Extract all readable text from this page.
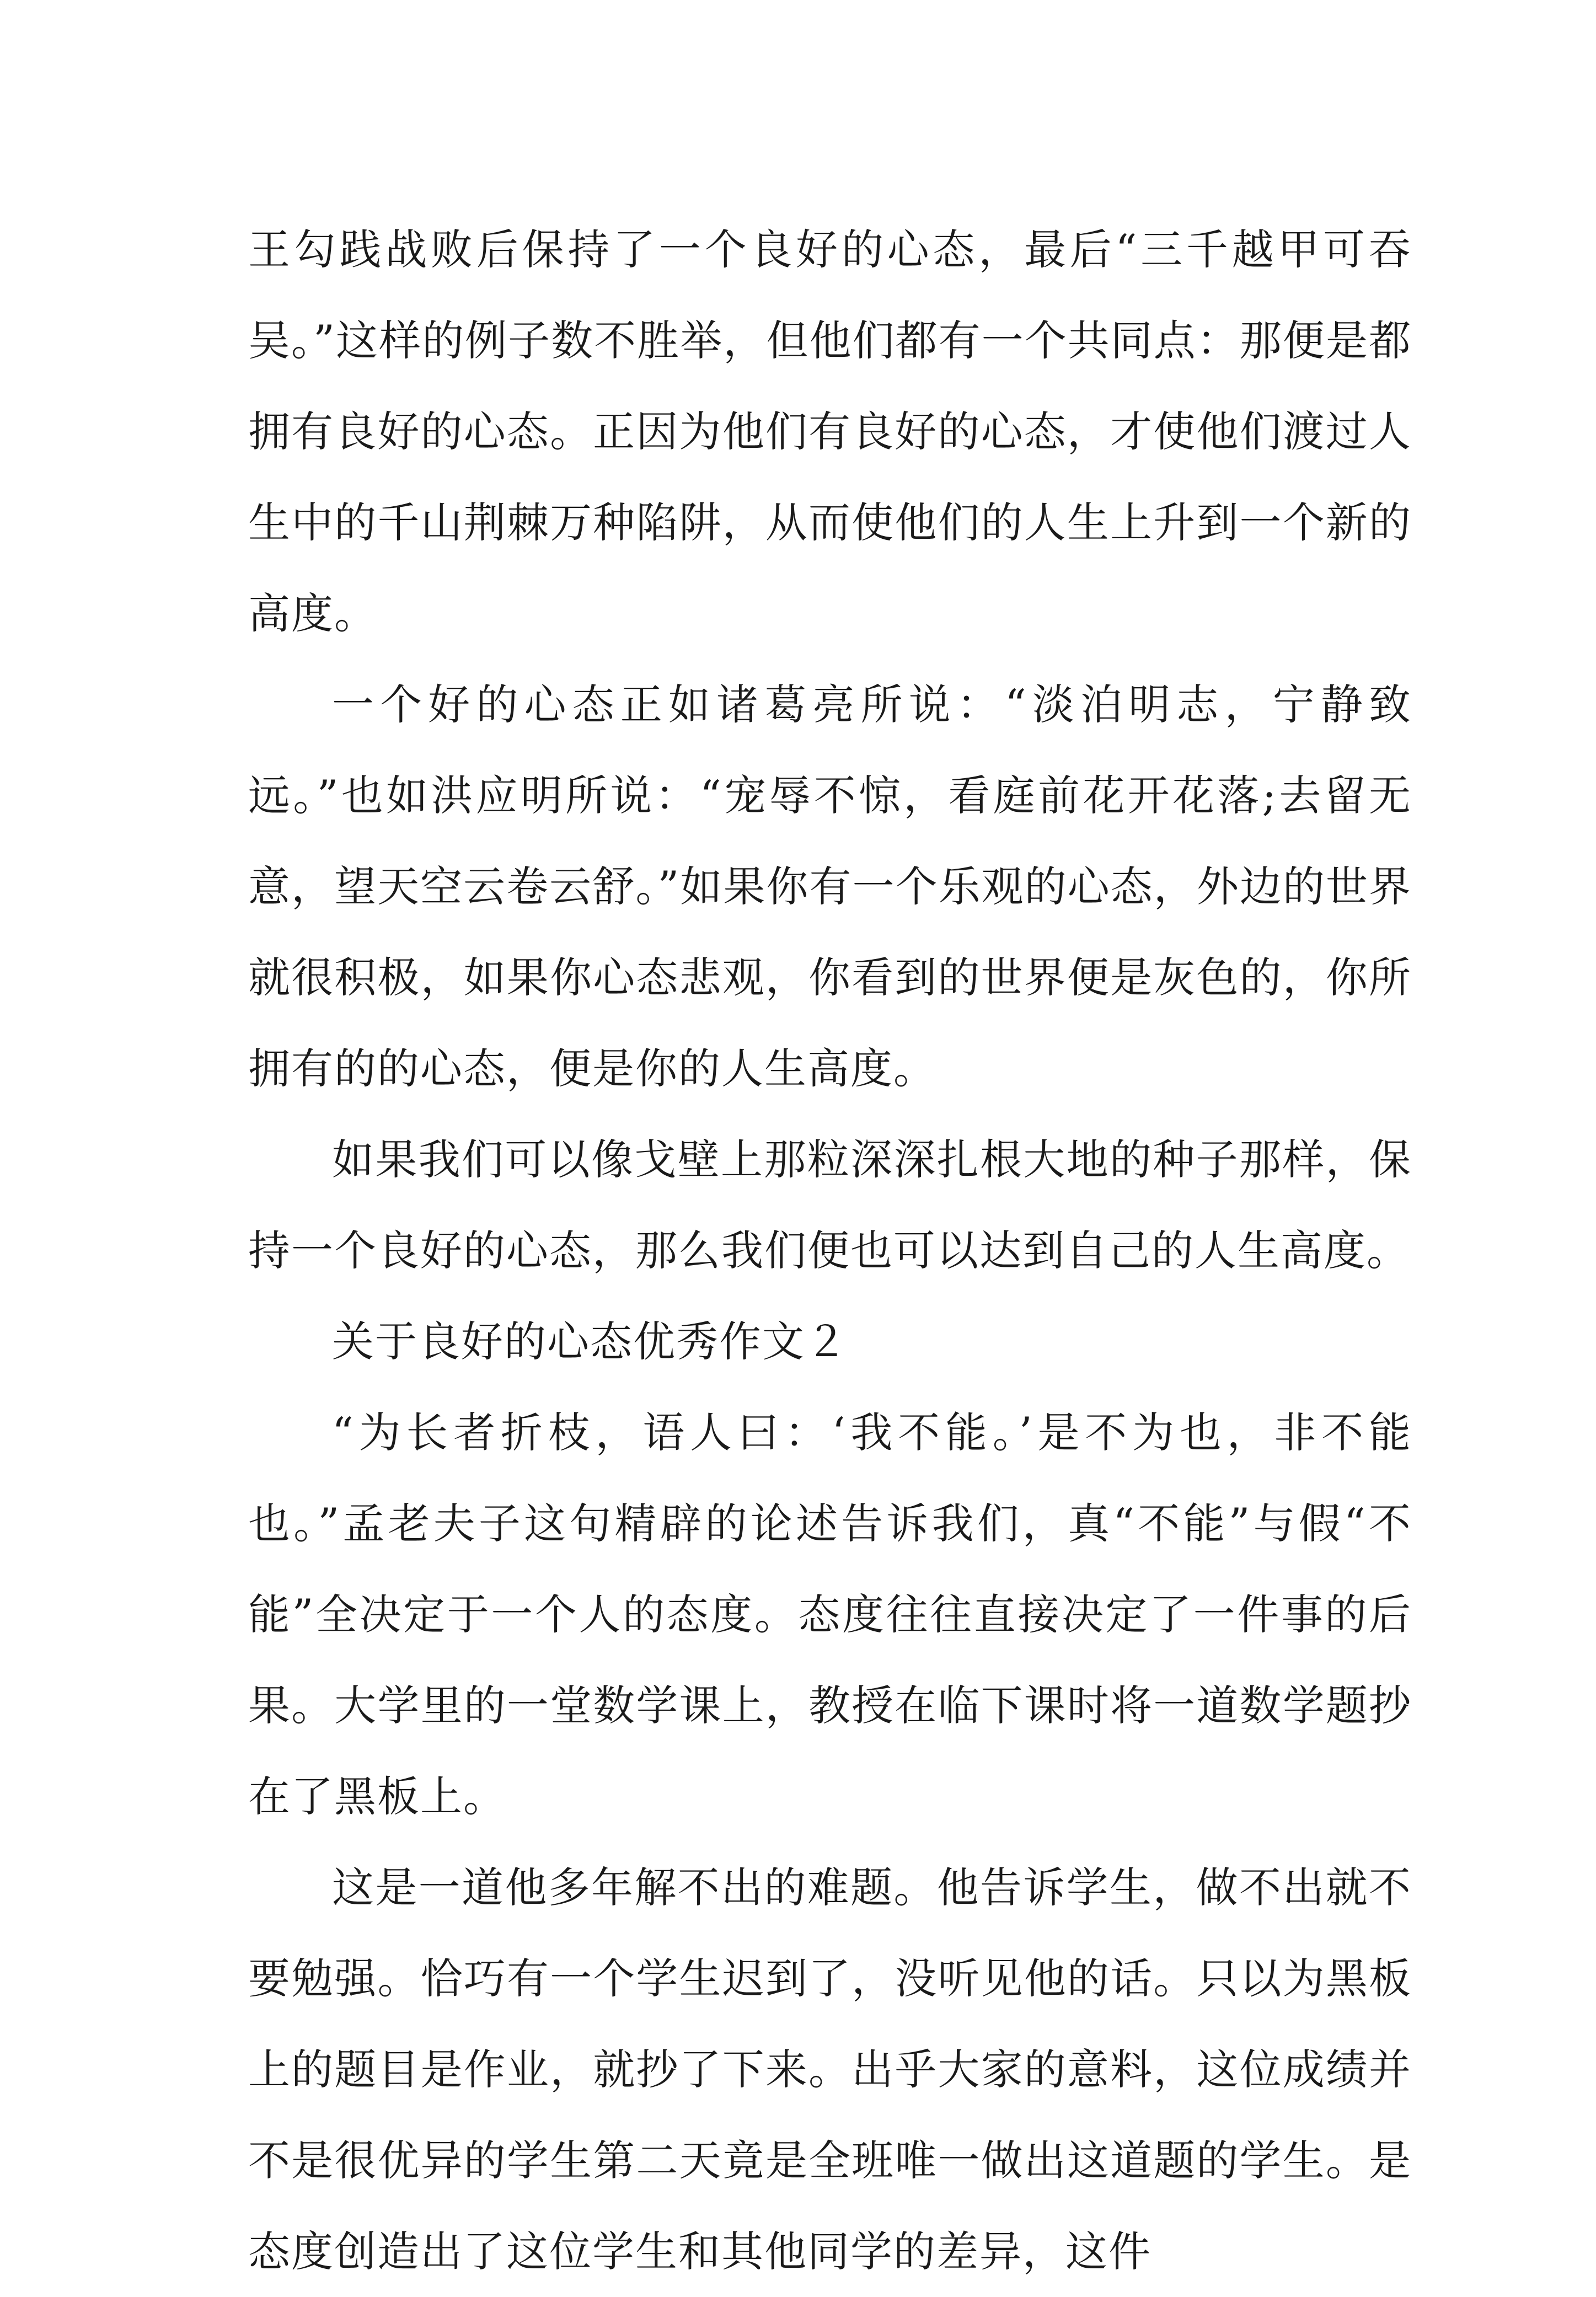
王勾践战败后保持了一个良好的心态，最后“三千越甲可吞吴。”这样的例子数不胜举，但他们都有一个共同点：那便是都拥有良好的心态。正因为他们有良好的心态，才使他们渡过人生中的千山荆棘万种陷阱，从而使他们的人生上升到一个新的高度。

一个好的心态正如诸葛亮所说：“淡泊明志，宁静致远。”也如洪应明所说：“宠辱不惊，看庭前花开花落;去留无意，望天空云卷云舒。”如果你有一个乐观的心态，外边的世界就很积极，如果你心态悲观，你看到的世界便是灰色的，你所拥有的的心态，便是你的人生高度。

如果我们可以像戈壁上那粒深深扎根大地的种子那样，保持一个良好的心态，那么我们便也可以达到自己的人生高度。

关于良好的心态优秀作文２

“为长者折枝，语人曰：‘我不能。’是不为也，非不能也。”孟老夫子这句精辟的论述告诉我们，真“不能”与假“不能”全决定于一个人的态度。态度往往直接决定了一件事的后果。大学里的一堂数学课上，教授在临下课时将一道数学题抄在了黑板上。

这是一道他多年解不出的难题。他告诉学生，做不出就不要勉强。恰巧有一个学生迟到了，没听见他的话。只以为黑板上的题目是作业，就抄了下来。出乎大家的意料，这位成绩并不是很优异的学生第二天竟是全班唯一做出这道题的学生。是态度创造出了这位学生和其他同学的差异，这件
